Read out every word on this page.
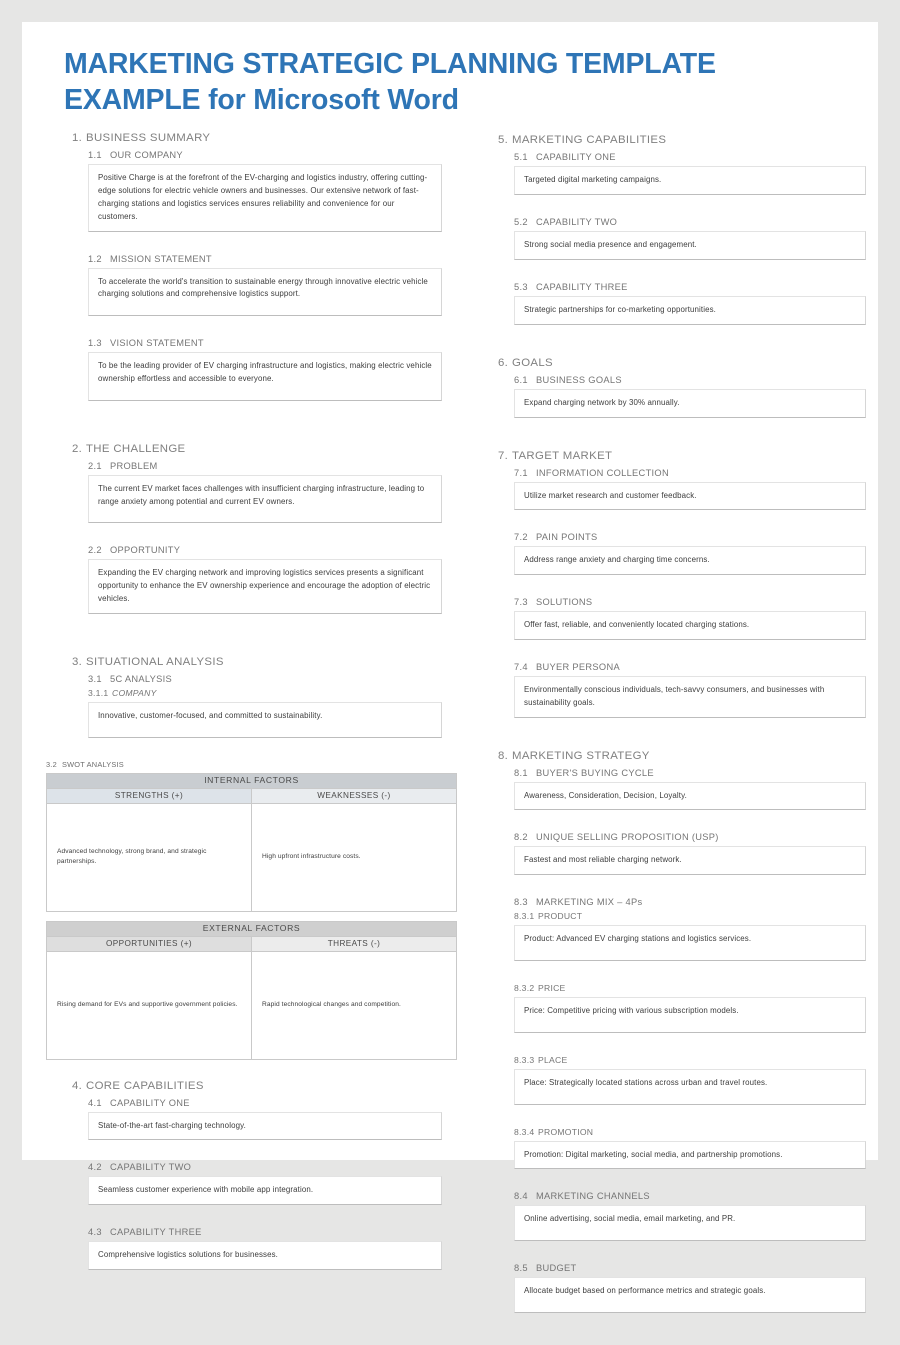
MARKETING STRATEGIC PLANNING TEMPLATE
EXAMPLE for Microsoft Word
1. BUSINESS SUMMARY
1.1 OUR COMPANY
Positive Charge is at the forefront of the EV-charging and logistics industry, offering cutting-edge solutions for electric vehicle owners and businesses. Our extensive network of fast-charging stations and logistics services ensures reliability and convenience for our customers.
1.2 MISSION STATEMENT
To accelerate the world's transition to sustainable energy through innovative electric vehicle charging solutions and comprehensive logistics support.
1.3 VISION STATEMENT
To be the leading provider of EV charging infrastructure and logistics, making electric vehicle ownership effortless and accessible to everyone.
2. THE CHALLENGE
2.1 PROBLEM
The current EV market faces challenges with insufficient charging infrastructure, leading to range anxiety among potential and current EV owners.
2.2 OPPORTUNITY
Expanding the EV charging network and improving logistics services presents a significant opportunity to enhance the EV ownership experience and encourage the adoption of electric vehicles.
3. SITUATIONAL ANALYSIS
3.1 5C ANALYSIS
3.1.1 COMPANY
Innovative, customer-focused, and committed to sustainability.
3.2 SWOT ANALYSIS
INTERNAL FACTORS	
STRENGTHS (+)	WEAKNESSES (-)
Advanced technology, strong brand, and strategic partnerships.	High upfront infrastructure costs.
EXTERNAL FACTORS	
OPPORTUNITIES (+)	THREATS (-)
Rising demand for EVs and supportive government policies.	Rapid technological changes and competition.
4. CORE CAPABILITIES
4.1 CAPABILITY ONE
State-of-the-art fast-charging technology.
4.2 CAPABILITY TWO
Seamless customer experience with mobile app integration.
4.3 CAPABILITY THREE
Comprehensive logistics solutions for businesses.
5. MARKETING CAPABILITIES
5.1 CAPABILITY ONE
Targeted digital marketing campaigns.
5.2 CAPABILITY TWO
Strong social media presence and engagement.
5.3 CAPABILITY THREE
Strategic partnerships for co-marketing opportunities.
6. GOALS
6.1 BUSINESS GOALS
Expand charging network by 30% annually.
7. TARGET MARKET
7.1 INFORMATION COLLECTION
Utilize market research and customer feedback.
7.2 PAIN POINTS
Address range anxiety and charging time concerns.
7.3 SOLUTIONS
Offer fast, reliable, and conveniently located charging stations.
7.4 BUYER PERSONA
Environmentally conscious individuals, tech-savvy consumers, and businesses with sustainability goals.
8. MARKETING STRATEGY
8.1 BUYER'S BUYING CYCLE
Awareness, Consideration, Decision, Loyalty.
8.2 UNIQUE SELLING PROPOSITION (USP)
Fastest and most reliable charging network.
8.3 MARKETING MIX – 4Ps
8.3.1 PRODUCT
Product: Advanced EV charging stations and logistics services.
8.3.2 PRICE
Price: Competitive pricing with various subscription models.
8.3.3 PLACE
Place: Strategically located stations across urban and travel routes.
8.3.4 PROMOTION
Promotion: Digital marketing, social media, and partnership promotions.
8.4 MARKETING CHANNELS
Online advertising, social media, email marketing, and PR.
8.5 BUDGET
Allocate budget based on performance metrics and strategic goals.
